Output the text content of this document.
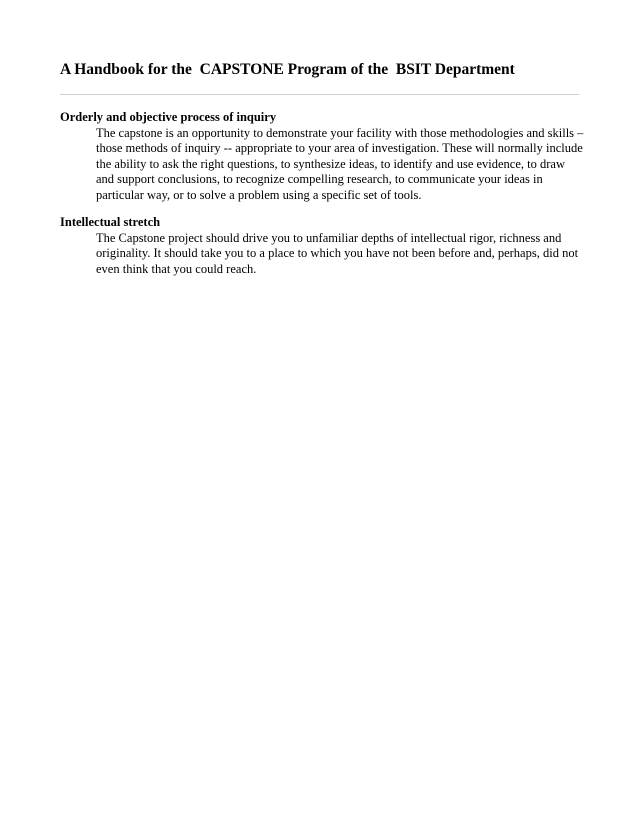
A Handbook for the  CAPSTONE Program of the  BSIT Department
Orderly and objective process of inquiry

The capstone is an opportunity to demonstrate your facility with those methodologies and skills – those methods of inquiry -- appropriate to your area of investigation. These will normally include the ability to ask the right questions, to synthesize ideas, to identify and use evidence, to draw and support conclusions, to recognize compelling research, to communicate your ideas in particular way, or to solve a problem using a specific set of tools.

Intellectual stretch

The Capstone project should drive you to unfamiliar depths of intellectual rigor, richness and originality. It should take you to a place to which you have not been before and, perhaps, did not even think that you could reach.
